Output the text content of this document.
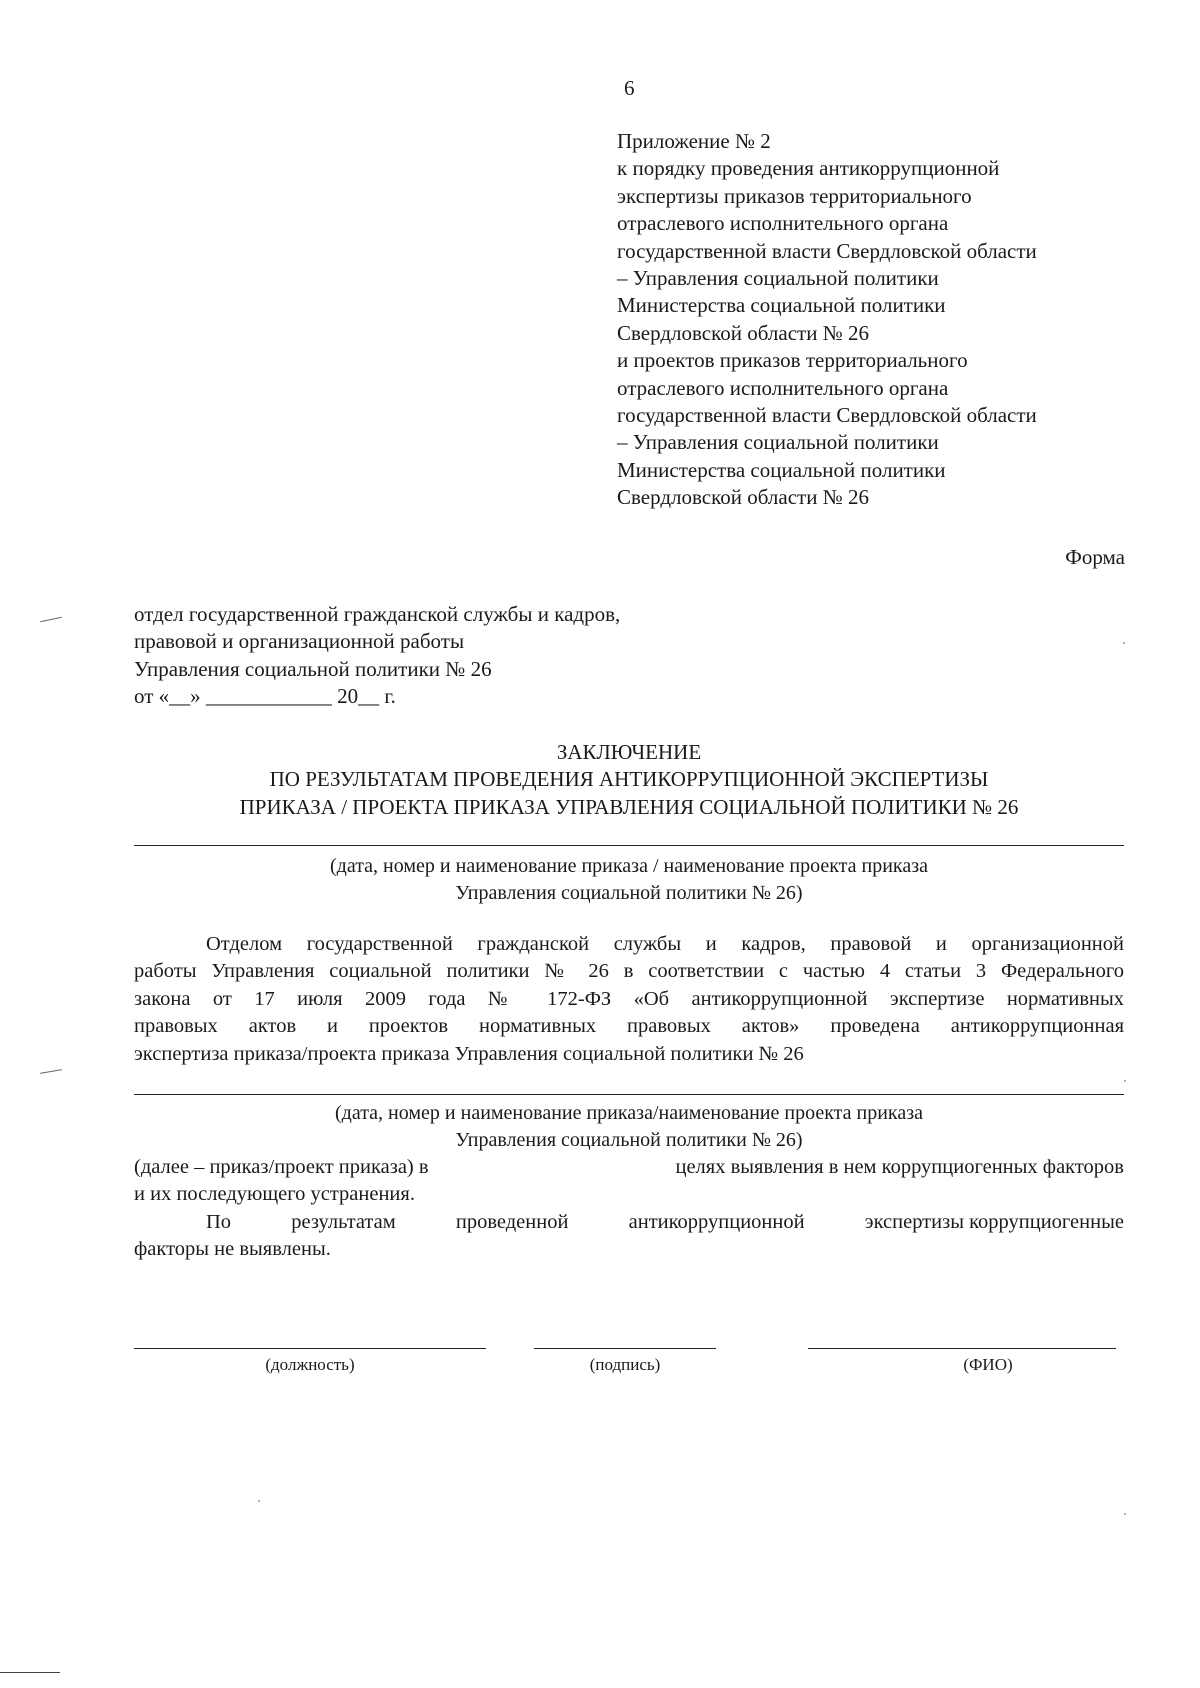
6
Приложение № 2
к порядку проведения антикоррупционной
экспертизы приказов территориального
отраслевого исполнительного органа
государственной власти Свердловской области
– Управления социальной политики
Министерства социальной политики
Свердловской области № 26
и проектов приказов территориального
отраслевого исполнительного органа
государственной власти Свердловской области
– Управления социальной политики
Министерства социальной политики
Свердловской области № 26
Форма
отдел государственной гражданской службы и кадров,
правовой и организационной работы
Управления социальной политики № 26
от «__» ____________ 20__ г.
ЗАКЛЮЧЕНИЕ
ПО РЕЗУЛЬТАТАМ ПРОВЕДЕНИЯ АНТИКОРРУПЦИОННОЙ ЭКСПЕРТИЗЫ
ПРИКАЗА / ПРОЕКТА ПРИКАЗА УПРАВЛЕНИЯ СОЦИАЛЬНОЙ ПОЛИТИКИ № 26
(дата, номер и наименование приказа / наименование проекта приказа
Управления социальной политики № 26)
Отделом государственной гражданской службы и кадров, правовой и организационной
работы Управления социальной политики № 26 в соответствии с частью 4 статьи 3 Федерального
закона от 17 июля 2009 года № 172-ФЗ «Об антикоррупционной экспертизе нормативных
правовых актов и проектов нормативных правовых актов» проведена антикоррупционная
экспертиза приказа/проекта приказа Управления социальной политики № 26
(дата, номер и наименование приказа/наименование проекта приказа
Управления социальной политики № 26)
(далее – приказ/проект приказа) в	целях выявления в нем коррупциогенных факторов
и их последующего устранения.
По	результатам	проведенной	антикоррупционной	экспертизы коррупциогенные
факторы не выявлены.
(должность)	(подпись)	(ФИО)
